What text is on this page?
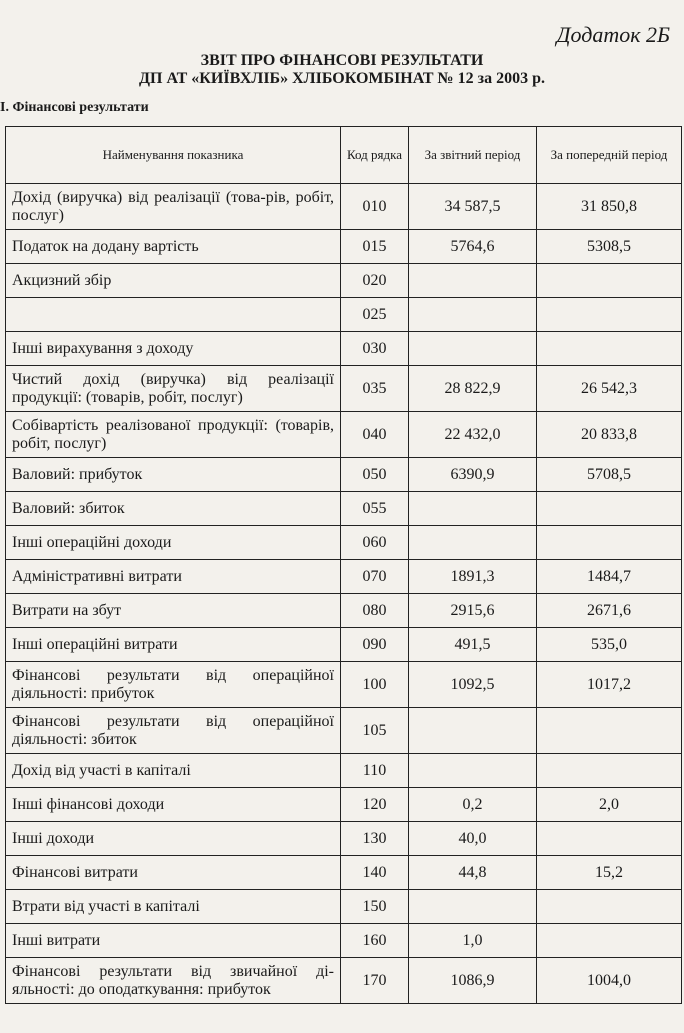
Додаток 2Б
ЗВІТ ПРО ФІНАНСОВІ РЕЗУЛЬТАТИ
ДП АТ «КИЇВХЛІБ» ХЛІБОКОМБІНАТ № 12 за 2003 р.
І. Фінансові результати
Найменування показника	Код рядка	За звітний період	За попередній період
Дохід (виручка) від реалізації (това-рів, робіт, послуг)	010	34 587,5	31 850,8
Податок на додану вартість	015	5764,6	5308,5
Акцизний збір	020		
	025		
Інші вирахування з доходу	030		
Чистий дохід (виручка) від реалізації продукції: (товарів, робіт, послуг)	035	28 822,9	26 542,3
Собівартість реалізованої продукції: (товарів, робіт, послуг)	040	22 432,0	20 833,8
Валовий: прибуток	050	6390,9	5708,5
Валовий: збиток	055		
Інші операційні доходи	060		
Адміністративні витрати	070	1891,3	1484,7
Витрати на збут	080	2915,6	2671,6
Інші операційні витрати	090	491,5	535,0
Фінансові результати від операційної діяльності: прибуток	100	1092,5	1017,2
Фінансові результати від операційної діяльності: збиток	105		
Дохід від участі в капіталі	110		
Інші фінансові доходи	120	0,2	2,0
Інші доходи	130	40,0	
Фінансові витрати	140	44,8	15,2
Втрати від участі в капіталі	150		
Інші витрати	160	1,0	
Фінансові результати від звичайної ді-яльності: до оподаткування: прибуток	170	1086,9	1004,0
